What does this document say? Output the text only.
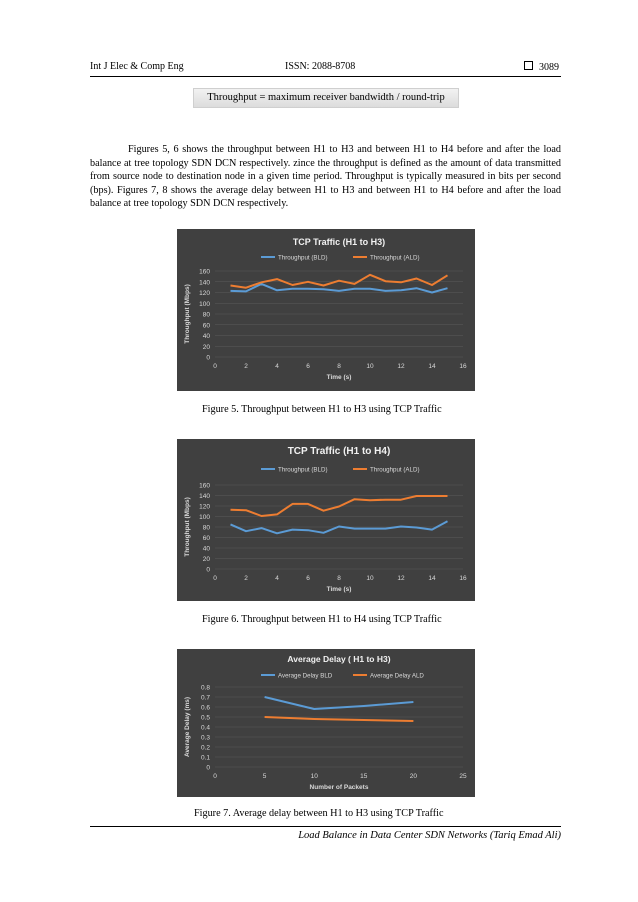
Int J Elec & Comp Eng	ISSN: 2088-8708	3089
Throughput = maximum receiver bandwidth / round-trip

Figures 5, 6 shows the throughput between H1 to H3 and between H1 to H4 before and after the load balance at tree topology SDN DCN respectively. zince the throughput is defined as the amount of data transmitted from source node to destination node in a given time period. Throughput is typically measured in bits per second (bps). Figures 7, 8 shows the average delay between H1 to H3 and between H1 to H4 before and after the load balance at tree topology SDN DCN respectively.

0
20
40
60
80
100
120
140
160
0	2	4	6	8	10	12	14	16
TCP Traffic (H1 to H3)
Time (s)
Throughput (Mbps)
Throughput (BLD)	Throughput (ALD)
Figure 5. Throughput between H1 to H3 using TCP Traffic
0
20
40
60
80
100
120
140
160
0	2	4	6	8	10	12	14	16
TCP Traffic (H1 to H4)
Time (s)
Throughput (Mbps)
Throughput (BLD)	Throughput (ALD)
Figure 6. Throughput between H1 to H4 using TCP Traffic
0
0.1
0.2
0.3
0.4
0.5
0.6
0.7
0.8
0	5	10	15	20	25
Average Delay ( H1 to H3)
Number of Packets
Average Delay (ms)
Average Delay BLD	Average Delay ALD
Figure 7. Average delay between H1 to H3 using TCP Traffic
Load Balance in Data Center SDN Networks (Tariq Emad Ali)
